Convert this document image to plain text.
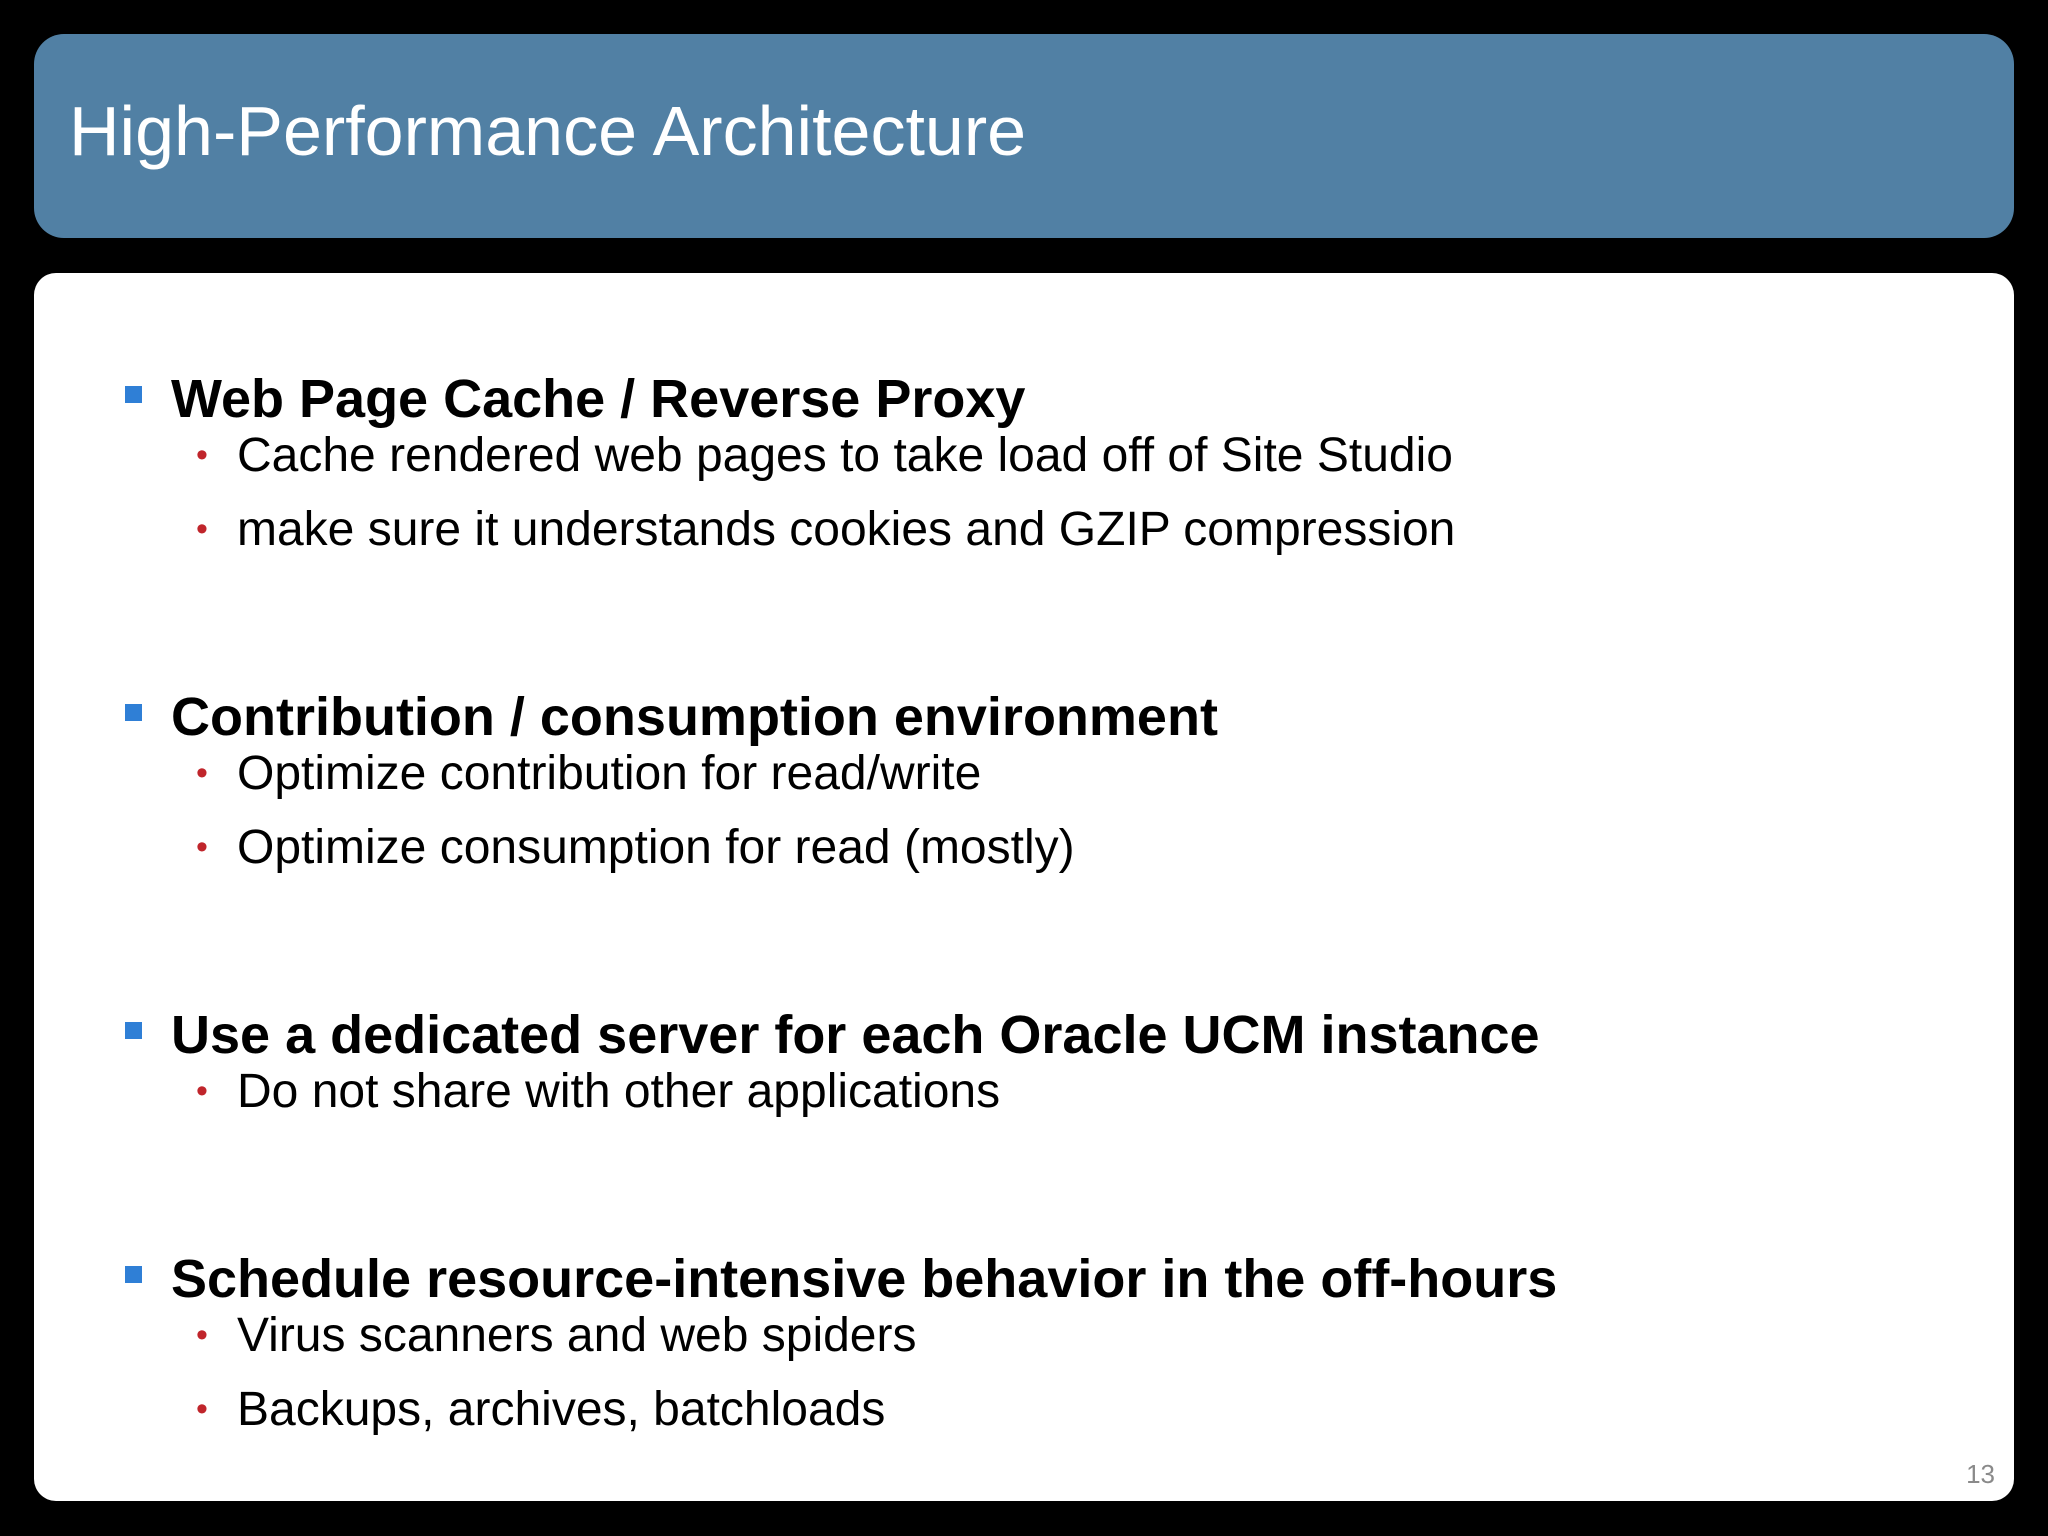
High-Performance Architecture
Web Page Cache / Reverse Proxy
• Cache rendered web pages to take load off of Site Studio
• make sure it understands cookies and GZIP compression
Contribution / consumption environment
• Optimize contribution for read/write
• Optimize consumption for read (mostly)
Use a dedicated server for each Oracle UCM instance
• Do not share with other applications
Schedule resource-intensive behavior in the off-hours
• Virus scanners and web spiders
• Backups, archives, batchloads
13
